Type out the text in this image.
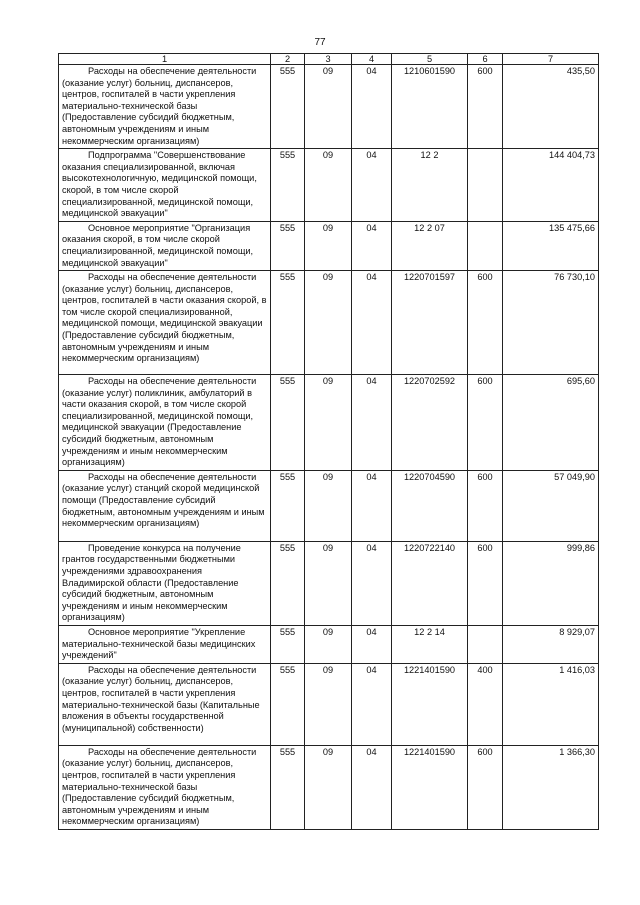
77
1	2	3	4	5	6	7
Расходы на обеспечение деятельности (оказание услуг) больниц, диспансеров, центров, госпиталей в части укрепления материально-технической базы (Предоставление субсидий бюджетным, автономным учреждениям и иным некоммерческим организациям)	555	09	04	1210601590	600	435,50
Подпрограмма "Совершенствование оказания специализированной, включая высокотехнологичную, медицинской помощи, скорой, в том числе скорой специализированной, медицинской помощи, медицинской эвакуации"	555	09	04	12 2		144 404,73
Основное мероприятие "Организация оказания скорой, в том числе скорой специализированной, медицинской помощи, медицинской эвакуации"	555	09	04	12 2 07		135 475,66
Расходы на обеспечение деятельности (оказание услуг) больниц, диспансеров, центров, госпиталей в части оказания скорой, в том числе скорой специализированной, медицинской помощи, медицинской эвакуации (Предоставление субсидий бюджетным, автономным учреждениям и иным некоммерческим организациям)	555	09	04	1220701597	600	76 730,10
Расходы на обеспечение деятельности (оказание услуг) поликлиник, амбулаторий в части оказания скорой, в том числе скорой специализированной, медицинской помощи, медицинской эвакуации (Предоставление субсидий бюджетным, автономным учреждениям и иным некоммерческим организациям)	555	09	04	1220702592	600	695,60
Расходы на обеспечение деятельности (оказание услуг) станций скорой медицинской помощи (Предоставление субсидий бюджетным, автономным учреждениям и иным некоммерческим организациям)	555	09	04	1220704590	600	57 049,90
Проведение конкурса на получение грантов государственными бюджетными учреждениями здравоохранения Владимирской области (Предоставление субсидий бюджетным, автономным учреждениям и иным некоммерческим организациям)	555	09	04	1220722140	600	999,86
Основное мероприятие "Укрепление материально-технической базы медицинских учреждений"	555	09	04	12 2 14		8 929,07
Расходы на обеспечение деятельности (оказание услуг) больниц, диспансеров, центров, госпиталей в части укрепления материально-технической базы (Капитальные вложения в объекты государственной (муниципальной) собственности)	555	09	04	1221401590	400	1 416,03
Расходы на обеспечение деятельности (оказание услуг) больниц, диспансеров, центров, госпиталей в части укрепления материально-технической базы (Предоставление субсидий бюджетным, автономным учреждениям и иным некоммерческим организациям)	555	09	04	1221401590	600	1 366,30
